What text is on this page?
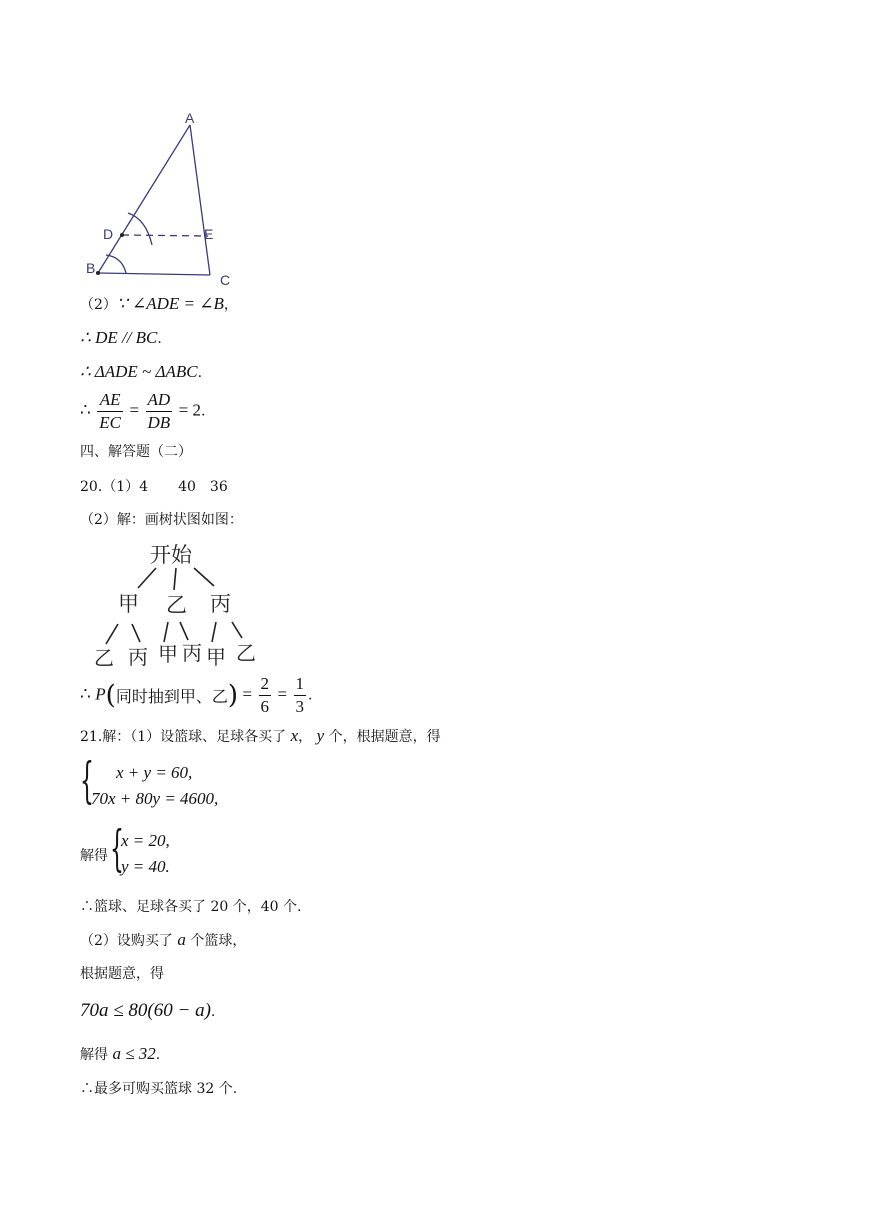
A
B
C
D	E
（2）∵ ∠ADE = ∠B，
∴ DE // BC.
∴ ΔADE ~ ΔABC.
∴ $\frac{AE}{EC} = \frac{AD}{DB} = 2$.
四、解答题（二）
20.（1）4 40 36
（2）解：画树状图如图：
开始
甲 乙 丙
乙 丙 甲 丙 甲 乙
∴ P(同时抽到甲、乙) = $\frac{2}{6} = \frac{1}{3}$ .
21.解：（1）设篮球、足球各买了 x， y 个，根据题意，得
{ x + y = 60,
70x + 80y = 4600,
解得 {
x = 20,
y = 40.
∴篮球、足球各买了 20 个，40 个.
（2）设购买了 a 个篮球，
根据题意，得
70a ≤ 80(60 − a).
解得 a ≤ 32.
∴最多可购买篮球 32 个.
